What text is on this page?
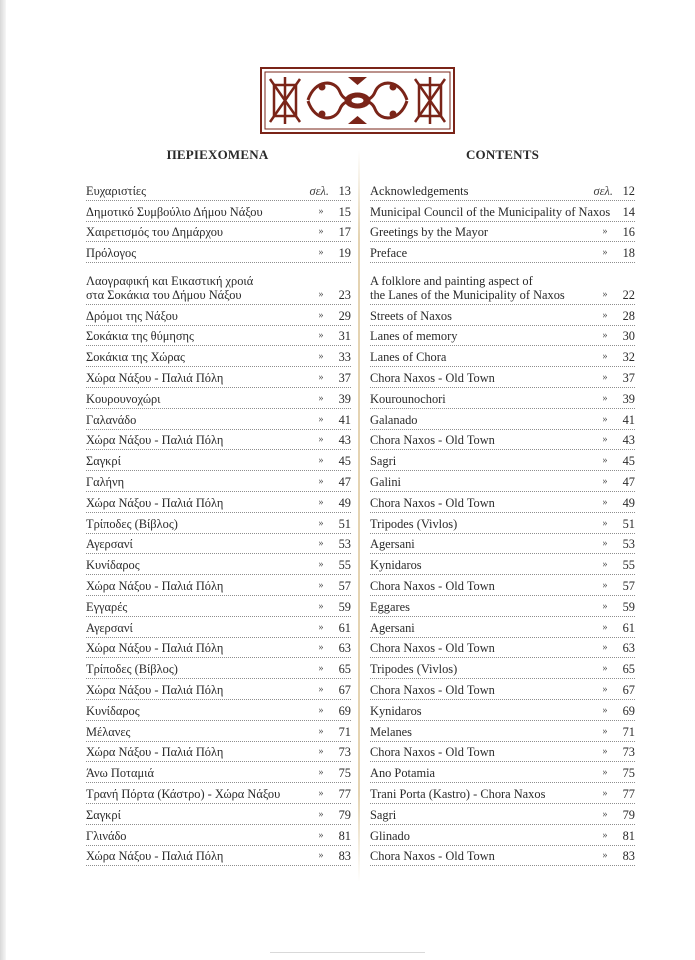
ΠΕΡΙΕΧΟΜΕΝΑ	CONTENTS
Ευχαριστίες	σελ. 13
Δημοτικό Συμβούλιο Δήμου Νάξου	»	15
Χαιρετισμός του Δημάρχου	»	17
Πρόλογος	»	19
Λαογραφική και Εικαστική χροιά
στα Σοκάκια του Δήμου Νάξου	»	23
Δρόμοι της Νάξου	»	29
Σοκάκια της θύμησης	»	31
Σοκάκια της Χώρας	»	33
Χώρα Νάξου - Παλιά Πόλη	»	37
Κουρουνοχώρι	»	39
Γαλανάδο	»	41
Χώρα Νάξου - Παλιά Πόλη	»	43
Σαγκρί	»	45
Γαλήνη	»	47
Χώρα Νάξου - Παλιά Πόλη	»	49
Τρίποδες (Βίβλος)	»	51
Αγερσανί	»	53
Κυνίδαρος	»	55
Χώρα Νάξου - Παλιά Πόλη	»	57
Εγγαρές	»	59
Αγερσανί	»	61
Χώρα Νάξου - Παλιά Πόλη	»	63
Τρίποδες (Βίβλος)	»	65
Χώρα Νάξου - Παλιά Πόλη	»	67
Κυνίδαρος	»	69
Μέλανες	»	71
Χώρα Νάξου - Παλιά Πόλη	»	73
Άνω Ποταμιά	»	75
Τρανή Πόρτα (Κάστρο) - Χώρα Νάξου	»	77
Σαγκρί	»	79
Γλινάδο	»	81
Χώρα Νάξου - Παλιά Πόλη	»	83
Acknowledgements	σελ. 12
Municipal Council of the Municipality of Naxos 14
Greetings by the Mayor	»	16
Preface	»	18
A folklore and painting aspect of
the Lanes of the Municipality of Naxos	»	22
Streets of Naxos	»	28
Lanes of memory	»	30
Lanes of Chora	»	32
Chora Naxos - Old Town	»	37
Kourounochori	»	39
Galanado	»	41
Chora Naxos - Old Town	»	43
Sagri	»	45
Galini	»	47
Chora Naxos - Old Town	»	49
Tripodes (Vivlos)	»	51
Agersani	»	53
Kynidaros	»	55
Chora Naxos - Old Town	»	57
Eggares	»	59
Agersani	»	61
Chora Naxos - Old Town	»	63
Tripodes (Vivlos)	»	65
Chora Naxos - Old Town	»	67
Kynidaros	»	69
Melanes	»	71
Chora Naxos - Old Town	»	73
Ano Potamia	»	75
Trani Porta (Kastro) - Chora Naxos	»	77
Sagri	»	79
Glinado	»	81
Chora Naxos - Old Town	»	83
